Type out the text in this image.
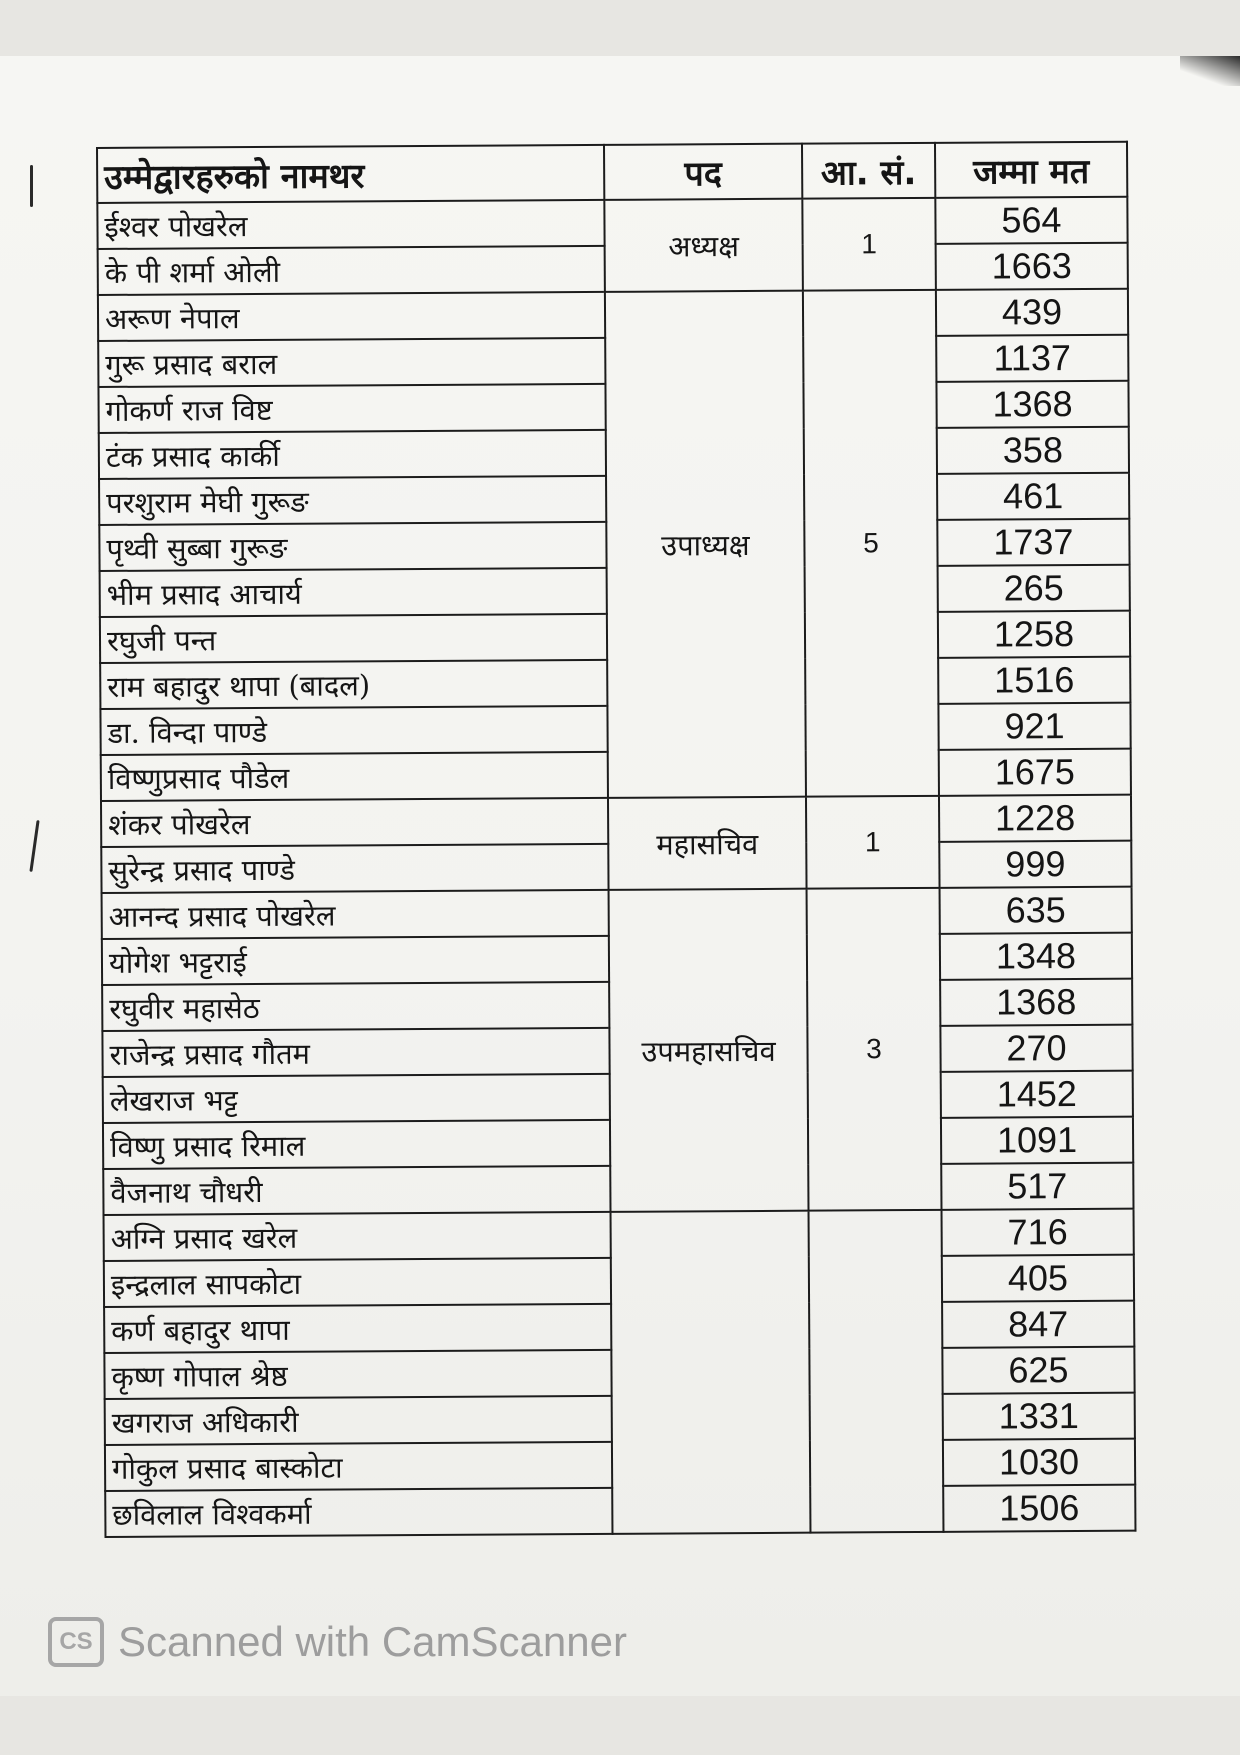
उम्मेद्वारहरुको नामथर	पद	आ. सं.	जम्मा मत
ईश्वर पोखरेल	अध्यक्ष	1	564
के पी शर्मा ओली			1663
अरूण नेपाल	उपाध्यक्ष	5	439
गुरू प्रसाद बराल			1137
गोकर्ण राज विष्ट			1368
टंक प्रसाद कार्की			358
परशुराम मेघी गुरूङ			461
पृथ्वी सुब्बा गुरूङ			1737
भीम प्रसाद आचार्य			265
रघुजी पन्त			1258
राम बहादुर थापा (बादल)			1516
डा. विन्दा पाण्डे			921
विष्णुप्रसाद पौडेल			1675
शंकर पोखरेल	महासचिव	1	1228
सुरेन्द्र प्रसाद पाण्डे			999
आनन्द प्रसाद पोखरेल	उपमहासचिव	3	635
योगेश भट्टराई			1348
रघुवीर महासेठ			1368
राजेन्द्र प्रसाद गौतम			270
लेखराज भट्ट			1452
विष्णु प्रसाद रिमाल			1091
वैजनाथ चौधरी			517
अग्नि प्रसाद खरेल			716
इन्द्रलाल सापकोटा			405
कर्ण बहादुर थापा			847
कृष्ण गोपाल श्रेष्ठ			625
खगराज अधिकारी			1331
गोकुल प्रसाद बास्कोटा			1030
छविलाल विश्वकर्मा			1506
CS Scanned with CamScanner
